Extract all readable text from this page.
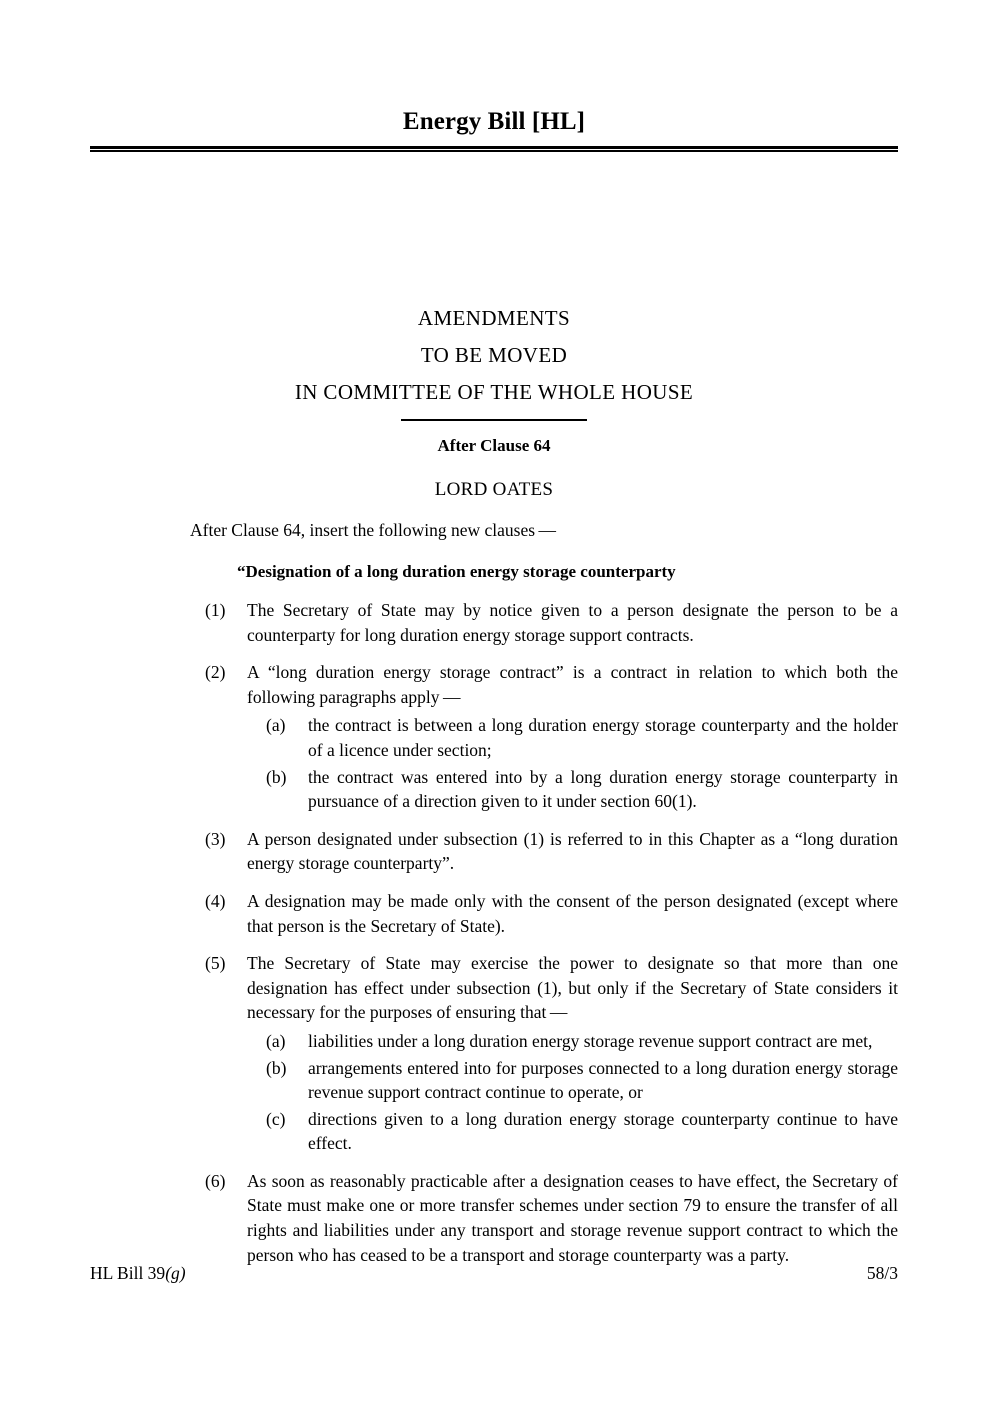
Energy Bill [HL]
AMENDMENTS
TO BE MOVED
IN COMMITTEE OF THE WHOLE HOUSE
After Clause 64
LORD OATES
After Clause 64, insert the following new clauses —
“Designation of a long duration energy storage counterparty
(1)	The Secretary of State may by notice given to a person designate the person to be a counterparty for long duration energy storage support contracts.
(2)	A “long duration energy storage contract” is a contract in relation to which both the following paragraphs apply —
(a)	the contract is between a long duration energy storage counterparty and the holder of a licence under section;
(b)	the contract was entered into by a long duration energy storage counterparty in pursuance of a direction given to it under section 60(1).
(3)	A person designated under subsection (1) is referred to in this Chapter as a “long duration energy storage counterparty”.
(4)	A designation may be made only with the consent of the person designated (except where that person is the Secretary of State).
(5)	The Secretary of State may exercise the power to designate so that more than one designation has effect under subsection (1), but only if the Secretary of State considers it necessary for the purposes of ensuring that —
(a)	liabilities under a long duration energy storage revenue support contract are met,
(b)	arrangements entered into for purposes connected to a long duration energy storage revenue support contract continue to operate, or
(c)	directions given to a long duration energy storage counterparty continue to have effect.
(6)	As soon as reasonably practicable after a designation ceases to have effect, the Secretary of State must make one or more transfer schemes under section 79 to ensure the transfer of all rights and liabilities under any transport and storage revenue support contract to which the person who has ceased to be a transport and storage counterparty was a party.
HL Bill 39(g)	58/3
